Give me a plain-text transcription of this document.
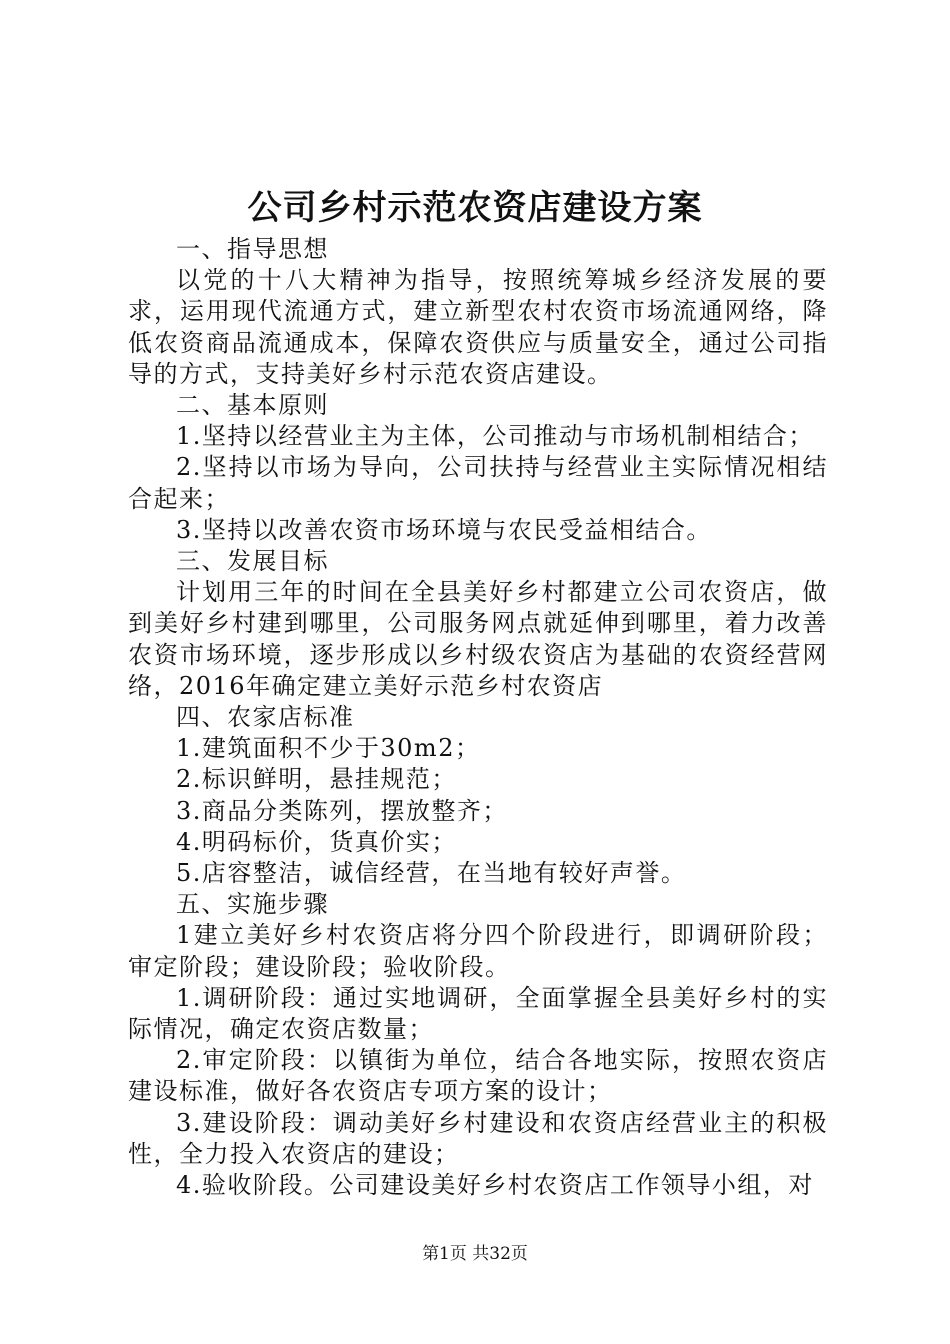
公司乡村示范农资店建设方案

一、指导思想

以党的十八大精神为指导，按照统筹城乡经济发展的要求，运用现代流通方式，建立新型农村农资市场流通网络，降低农资商品流通成本，保障农资供应与质量安全，通过公司指导的方式，支持美好乡村示范农资店建设。

二、基本原则

1.坚持以经营业主为主体，公司推动与市场机制相结合；

2.坚持以市场为导向，公司扶持与经营业主实际情况相结合起来；

3.坚持以改善农资市场环境与农民受益相结合。

三、发展目标

计划用三年的时间在全县美好乡村都建立公司农资店，做到美好乡村建到哪里，公司服务网点就延伸到哪里，着力改善农资市场环境，逐步形成以乡村级农资店为基础的农资经营网络，2016年确定建立美好示范乡村农资店

四、农家店标准

1.建筑面积不少于30m2；

2.标识鲜明，悬挂规范；

3.商品分类陈列，摆放整齐；

4.明码标价，货真价实；

5.店容整洁，诚信经营，在当地有较好声誉。

五、实施步骤

1建立美好乡村农资店将分四个阶段进行，即调研阶段；审定阶段；建设阶段；验收阶段。

1.调研阶段：通过实地调研，全面掌握全县美好乡村的实际情况，确定农资店数量；

2.审定阶段：以镇街为单位，结合各地实际，按照农资店建设标准，做好各农资店专项方案的设计；

3.建设阶段：调动美好乡村建设和农资店经营业主的积极性，全力投入农资店的建设；

4.验收阶段。公司建设美好乡村农资店工作领导小组，对

第1页 共32页
